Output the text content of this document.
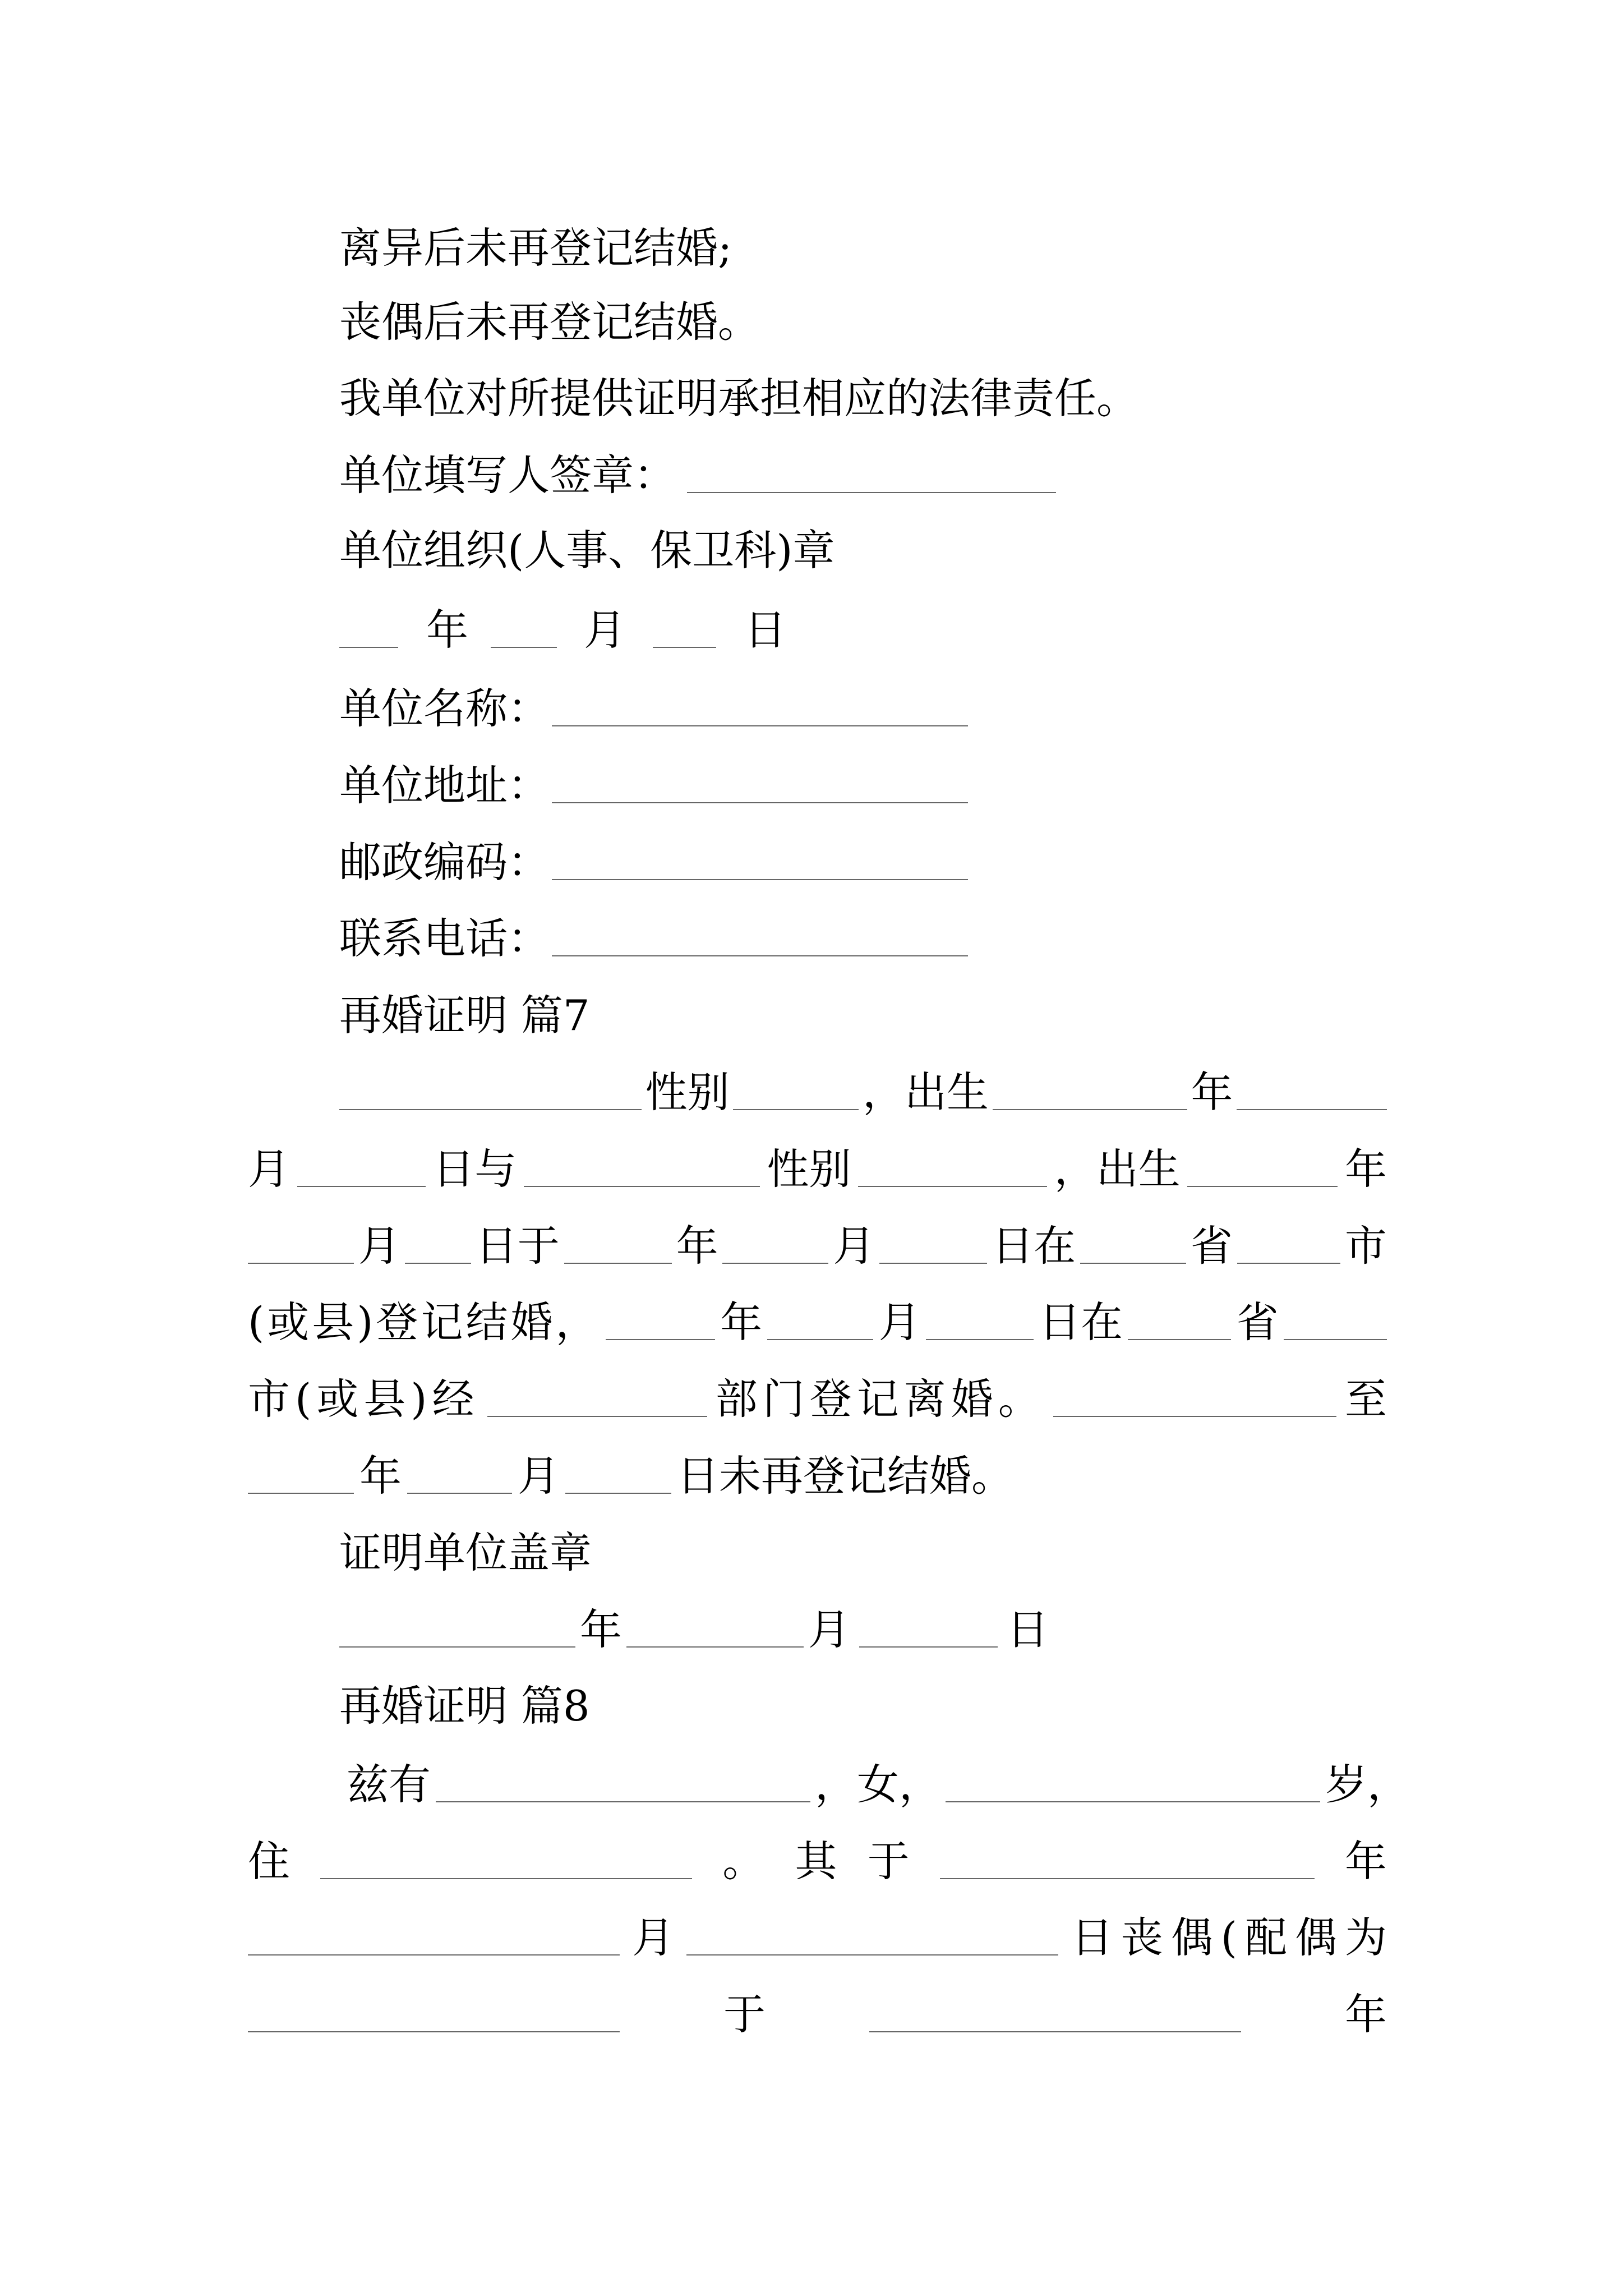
离异后未再登记结婚;
丧偶后未再登记结婚。
我单位对所提供证明承担相应的法律责任。
单位填写人签章：
单位组织(人事、保卫科)章
年	月	日
单位名称：
单位地址：
邮政编码：
联系电话：
再婚证明 篇7
性别	，出生	年
月	日与	性别	，出生	年
月 日于	年	月	日在	省	市
(或县)登记结婚，	年	月	日在	省
市(或县)经	部门登记离婚。	至
年	月	日未再登记结婚。
证明单位盖章
年	月	日
再婚证明 篇8
兹有	，女，	岁，
住	。 其 于	年
月	日丧偶(配偶为
于	年
